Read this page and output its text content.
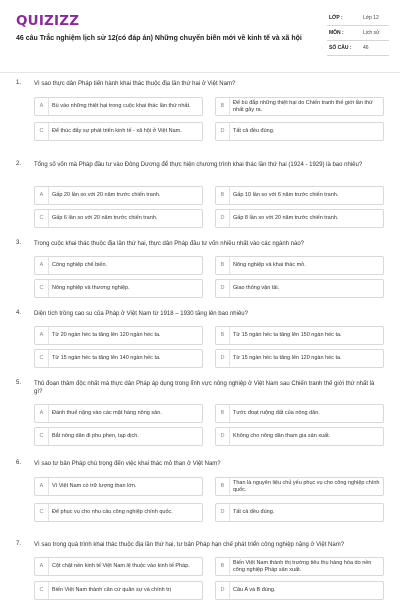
QUIZIZZ
46 câu Trắc nghiệm lịch sử 12(có đáp án) Những chuyển biến mới về kinh tế và xã hội
LỚP :	Lớp 12
MÔN :	Lịch sử
SỐ CÂU : 46
1. Vì sao thực dân Pháp tiến hành khai thác thuộc địa lần thứ hai ở Việt Nam?
A	Bù vào những thiệt hại trong cuộc khai thác lần thứ nhất.	B	Để bù đắp những thiệt hại do Chiến tranh thế giới lần thứ nhất gây ra.
C	Để thúc đẩy sự phát triển kinh tế - xã hội ở Việt Nam.	D	Tất cả đều đúng.
2. Tổng số vốn mà Pháp đầu tư vào Đông Dương để thực hiện chương trình khai thác lần thứ hai (1924 - 1929) là bao nhiêu?
A	Gấp 20 lần so với 20 năm trước chiến tranh.	B	Gấp 10 lần so với 6 năm trước chiến tranh.
C	Gấp 6 lần so với 20 năm trước chiến tranh.	D	Gấp 8 lần so với 20 năm trước chiến tranh.
3. Trong cuộc khai thác thuộc địa lần thứ hai, thực dân Pháp đầu tư vốn nhiều nhất vào các ngành nào?
A	Công nghiệp chế biến.	B	Nông nghiệp và khai thác mỏ.
C	Nông nghiệp và thương nghiệp.	D	Giao thông vận tải.
4. Diện tích trồng cao su của Pháp ở Việt Nam từ 1918 – 1930 tăng lên bao nhiêu?
A	Từ 20 ngàn héc ta tăng lên 120 ngàn héc ta.	B	Từ 15 ngàn héc ta tăng lên 150 ngàn héc ta.
C	Từ 15 ngàn héc ta tăng lên 140 ngàn héc ta.	D	Từ 15 ngàn héc ta tăng lên 120 ngàn héc ta.
5. Thủ đoạn thâm độc nhất mà thực dân Pháp áp dụng trong lĩnh vực nông nghiệp ở Việt Nam sau Chiến tranh thế giới thứ nhất là gì?
A	Đánh thuế nặng vào các mặt hàng nông sản.	B	Tước đoạt ruộng đất của nông dân.
C	Bắt nông dân đi phu phen, tạp dịch.	D	Không cho nông dân tham gia sản xuất.
6. Vì sao tư bản Pháp chú trọng đến việc khai thác mỏ than ở Việt Nam?
A	Vì Việt Nam có trữ lượng than lớn.	B	Than là nguyên liệu chủ yếu phục vụ cho công nghiệp chính quốc.
C	Để phục vụ cho nhu cầu công nghiệp chính quốc.	D	Tất cả đều đúng.
7. Vì sao trong quá trình khai thác thuộc địa lần thứ hai, tư bản Pháp hạn chế phát triển công nghiệp nặng ở Việt Nam?
A	Cột chặt nền kinh tế Việt Nam lệ thuộc vào kinh tế Pháp.	B	Biến Việt Nam thành thị trường tiêu thụ hàng hóa do nền công nghiệp Pháp sản xuất.
C	Biến Việt Nam thành căn cứ quân sự và chính trị	D	Câu A và B đúng.
